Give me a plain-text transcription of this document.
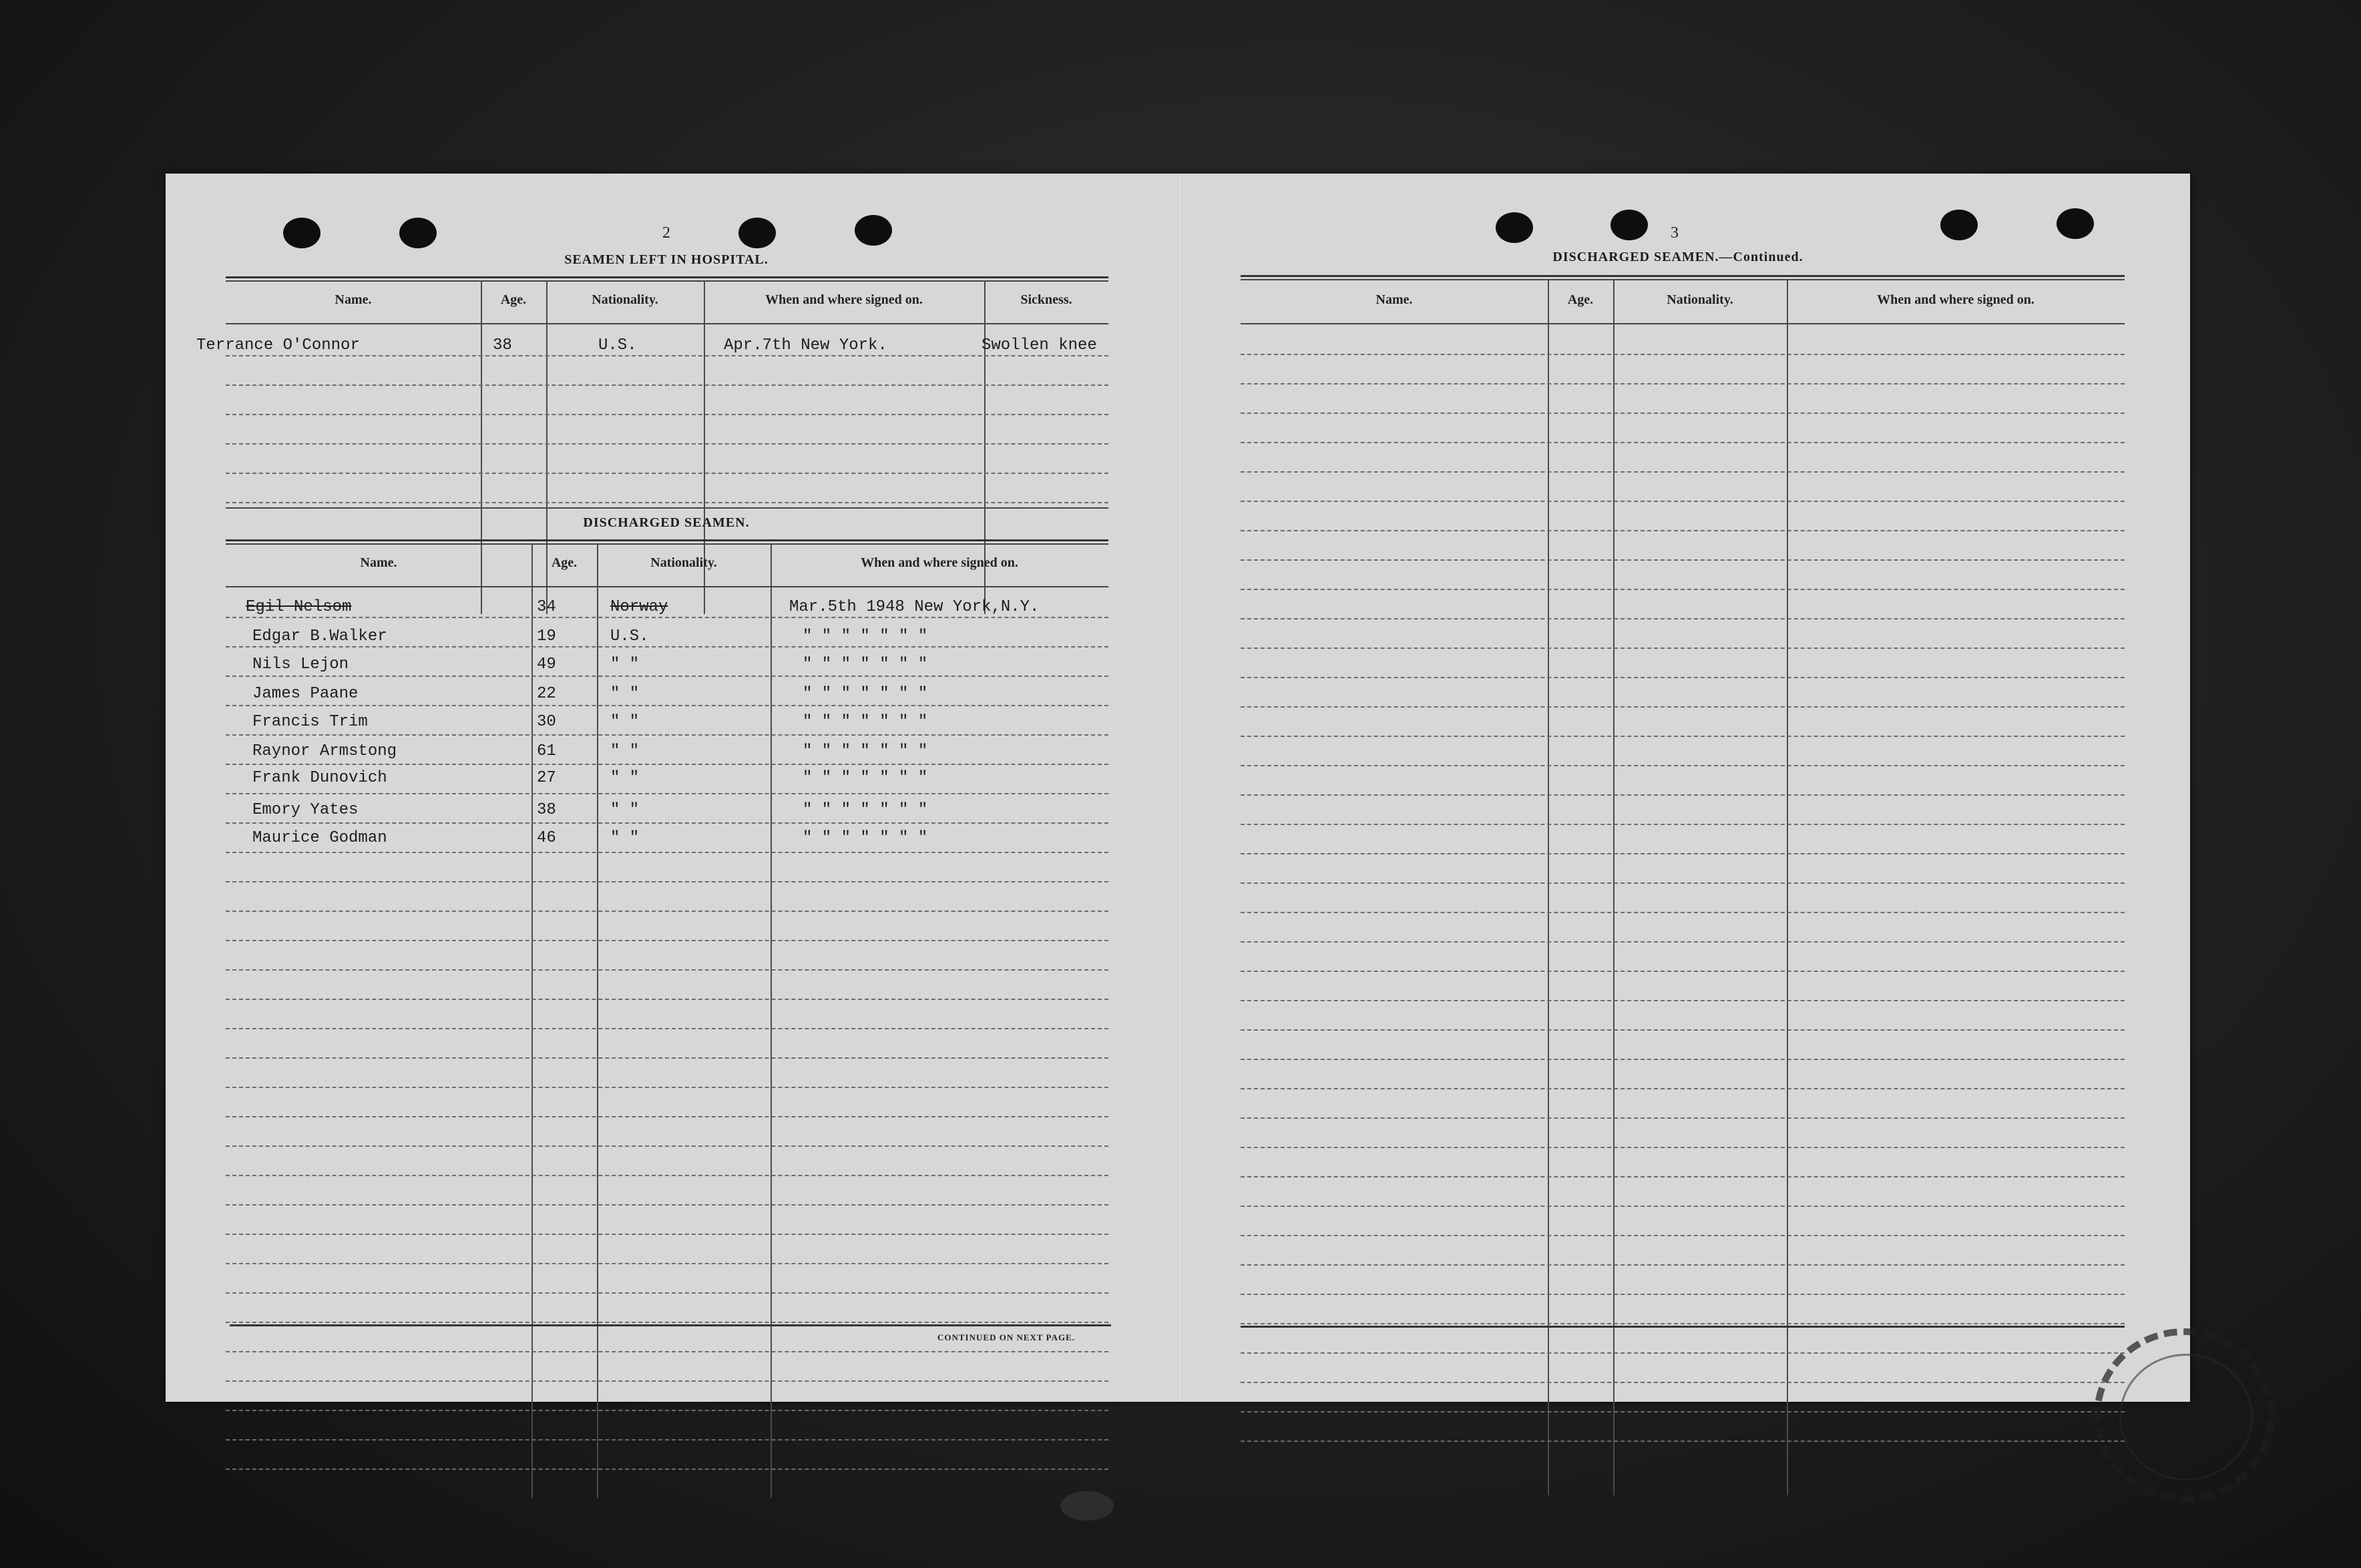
2
SEAMEN LEFT IN HOSPITAL.
Name.	Age.	Nationality.	When and where signed on.	Sickness.
Terrance O'Connor	38	U.S.	Apr.7th New York.	Swollen knee
DISCHARGED SEAMEN.
Name.	Age.	Nationality.	When and where signed on.
Egil Nelsom	34	Norway	Mar.5th 1948 New York,N.Y.
Edgar B.Walker	19	U.S.	" " " " " " "
Nils Lejon	49	" "	" " " " " " "
James Paane	22	" "	" " " " " " "
Francis Trim	30	" "	" " " " " " "
Raynor Armstong	61	" "	" " " " " " "
Frank Dunovich	27	" "	" " " " " " "
Emory Yates	38	" "	" " " " " " "
Maurice Godman	46	" "	" " " " " " "
CONTINUED ON NEXT PAGE.
3
DISCHARGED SEAMEN.—Continued.
Name.	Age.	Nationality.	When and where signed on.
